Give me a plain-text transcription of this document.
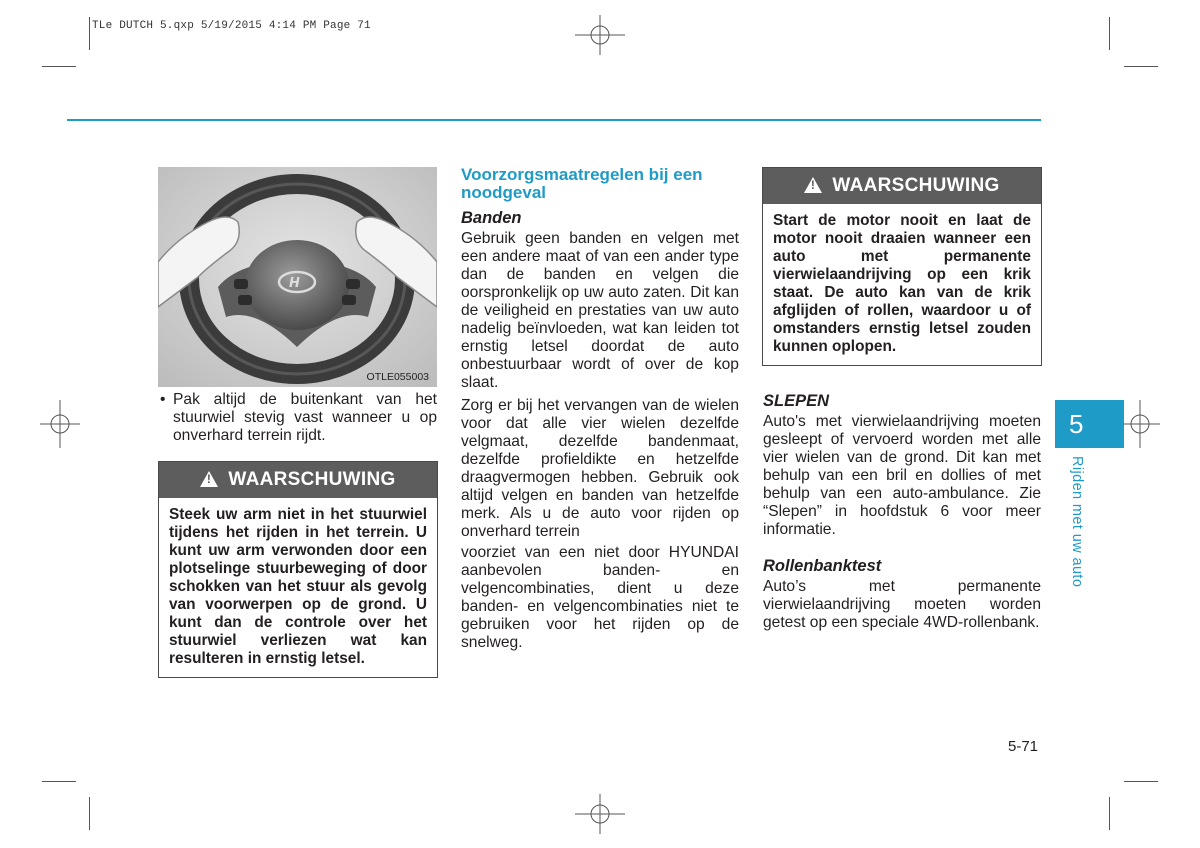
TLe DUTCH 5.qxp 5/19/2015 4:14 PM Page 71
H
OTLE055003
• Pak altijd de buitenkant van het stuurwiel stevig vast wanneer u op onverhard terrein rijdt.

!
WAARSCHUWING
Steek uw arm niet in het stuurwiel tijdens het rijden in het terrein. U kunt uw arm verwonden door een plotselinge stuurbeweging of door schokken van het stuur als gevolg van voorwerpen op de grond. U kunt dan de controle over het stuurwiel verliezen wat kan resulteren in ernstig letsel.
Voorzorgsmaatregelen bij een noodgeval
Banden

Gebruik geen banden en velgen met een andere maat of van een ander type dan de banden en velgen die oorspronkelijk op uw auto zaten. Dit kan de veiligheid en prestaties van uw auto nadelig beïnvloeden, wat kan leiden tot ernstig letsel doordat de auto onbestuurbaar wordt of over de kop slaat.

Zorg er bij het vervangen van de wielen voor dat alle vier wielen dezelfde velgmaat, dezelfde bandenmaat, dezelfde profieldikte en hetzelfde draagvermogen hebben. Gebruik ook altijd velgen en banden van hetzelfde merk. Als u de auto voor rijden op onverhard terrein

voorziet van een niet door HYUNDAI aanbevolen banden- en velgencombinaties, dient u deze banden- en velgencombinaties niet te gebruiken voor het rijden op de snelweg.

!
WAARSCHUWING
Start de motor nooit en laat de motor nooit draaien wanneer een auto met permanente vierwielaandrijving op een krik staat. De auto kan van de krik afglijden of rollen, waardoor u of omstanders ernstig letsel zouden kunnen oplopen.
SLEPEN

Auto's met vierwielaandrijving moeten gesleept of vervoerd worden met alle vier wielen van de grond. Dit kan met behulp van een bril en dollies of met behulp van een auto-ambulance. Zie “Slepen” in hoofdstuk 6 voor meer informatie.

Rollenbanktest

Auto’s met permanente vierwielaandrijving moeten worden getest op een speciale 4WD-rollenbank.

5
Rijden met uw auto
5-71
